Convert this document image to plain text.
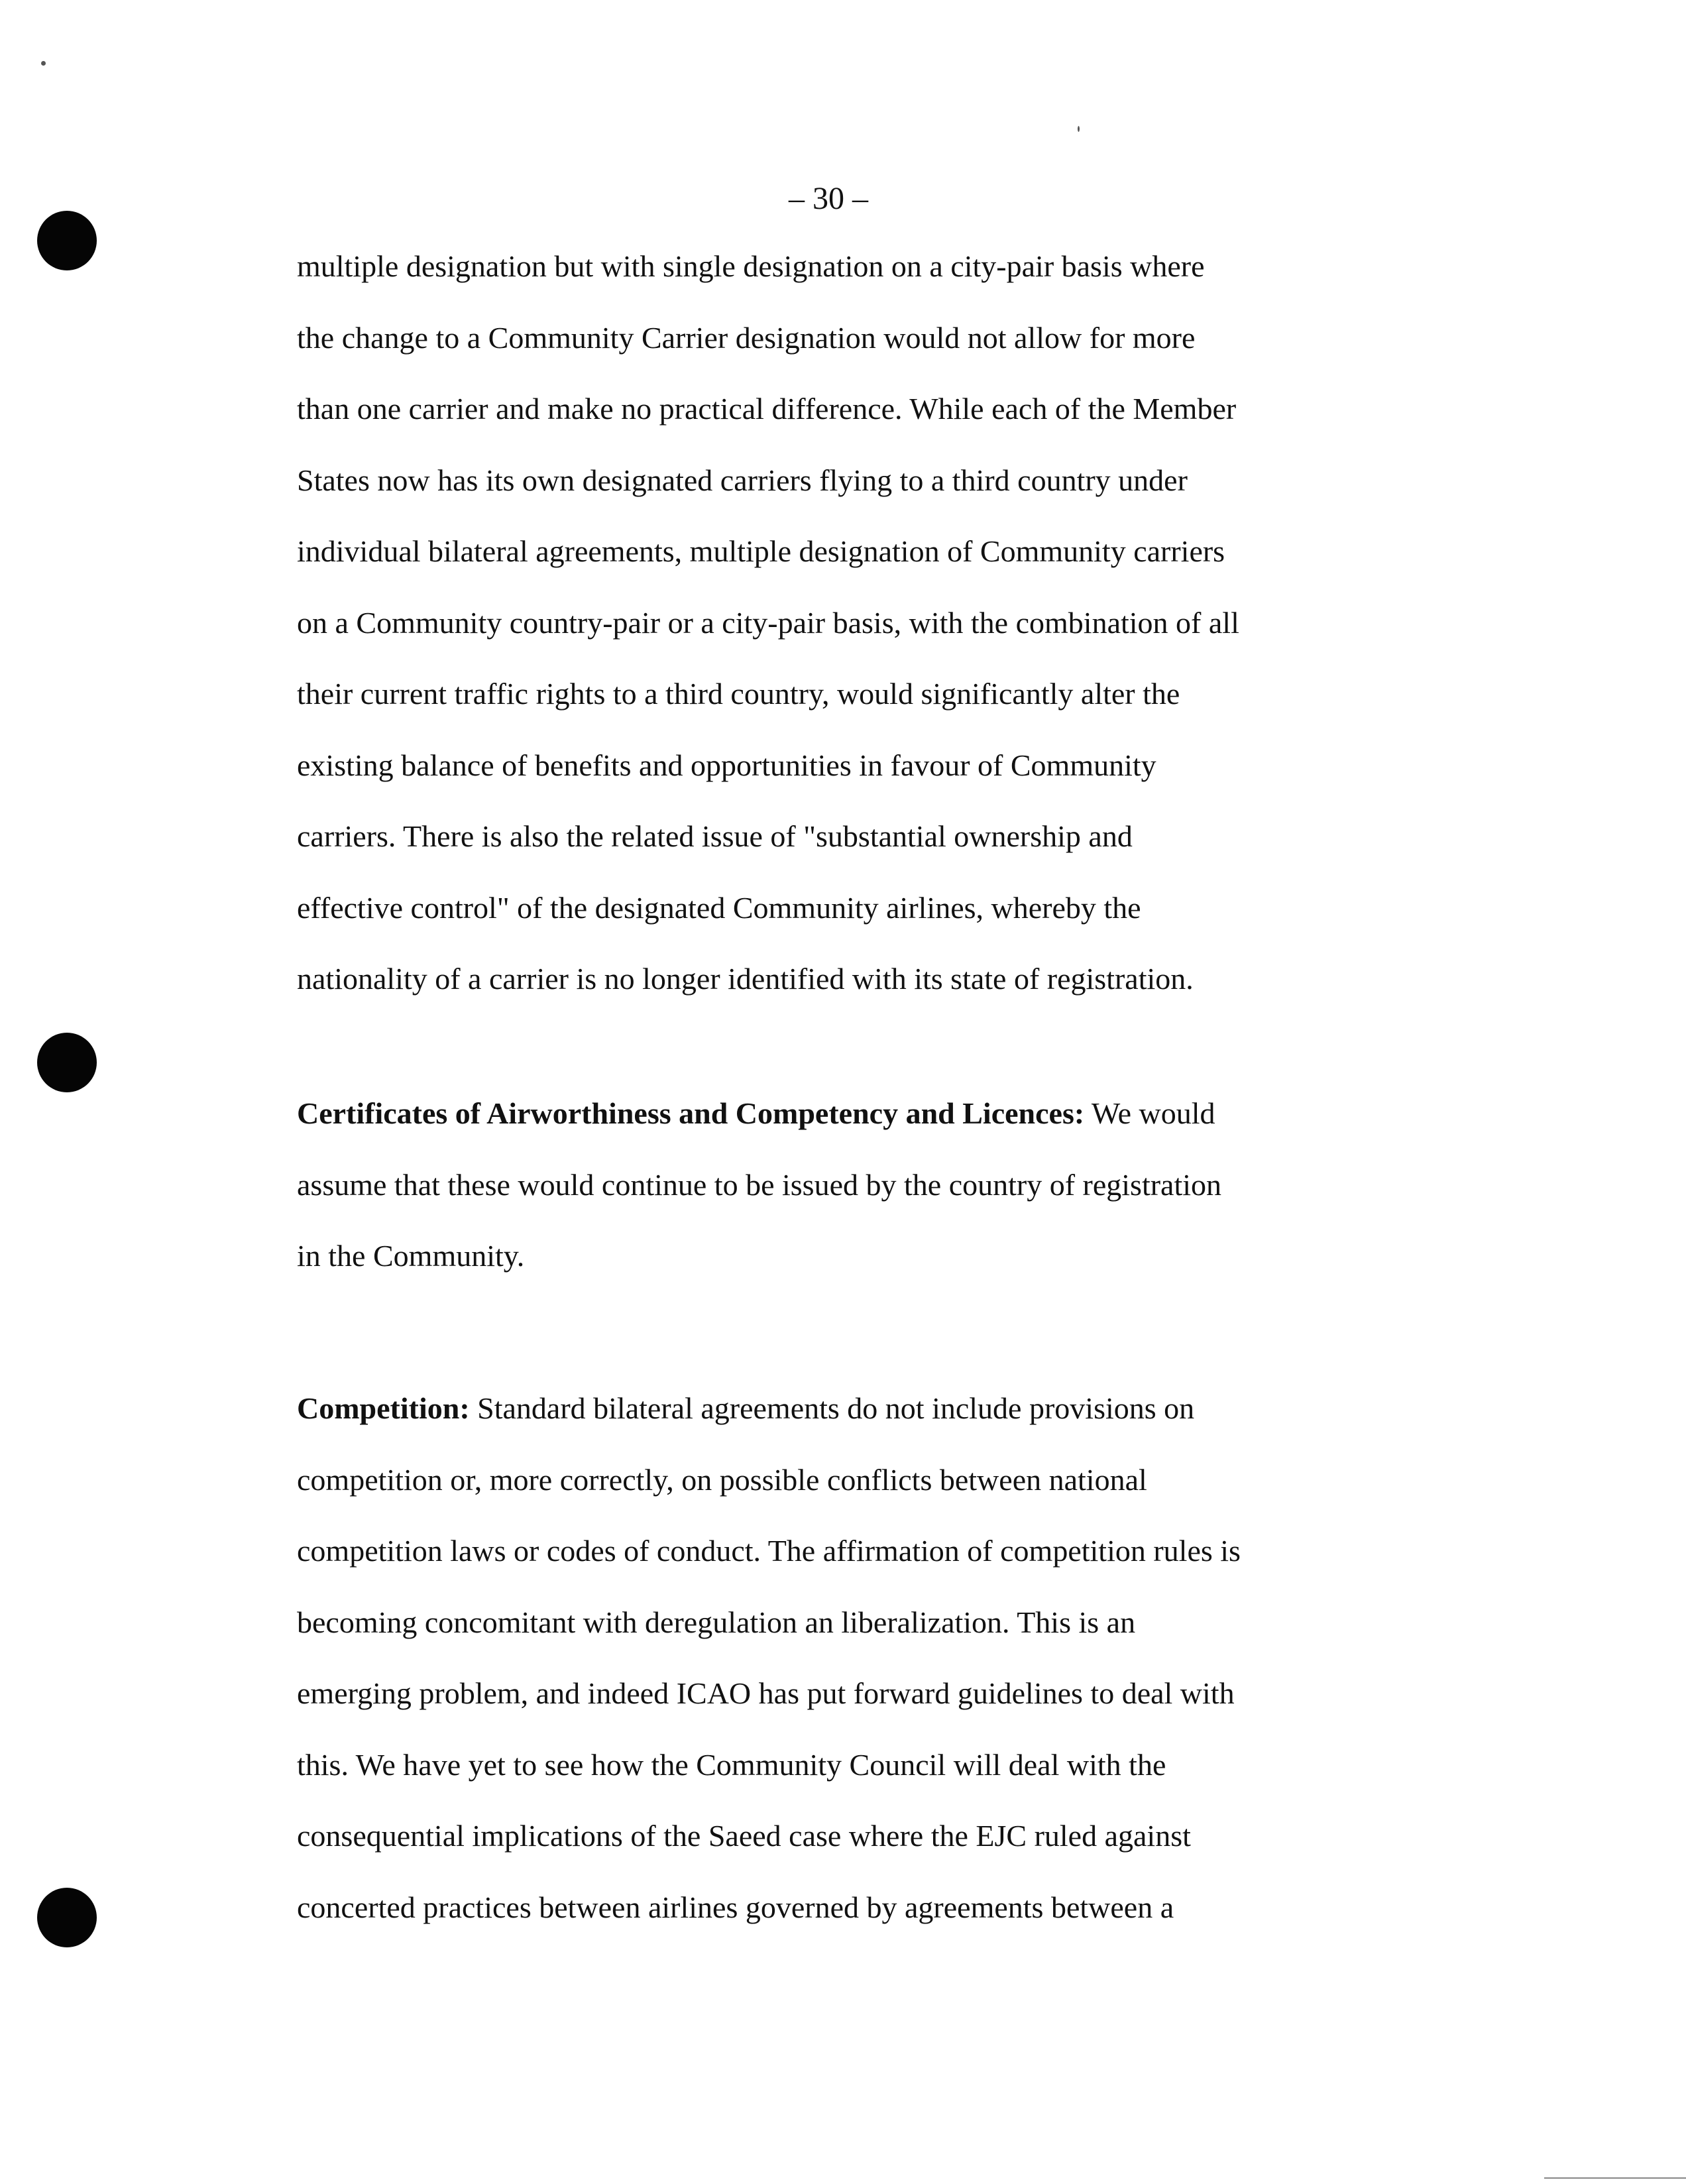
– 30 –
multiple designation but with single designation on a city-pair basis where
the change to a Community Carrier designation would not allow for more
than one carrier and make no practical difference. While each of the Member
States now has its own designated carriers flying to a third country under
individual bilateral agreements, multiple designation of Community carriers
on a Community country-pair or a city-pair basis, with the combination of all
their current traffic rights to a third country, would significantly alter the
existing balance of benefits and opportunities in favour of Community
carriers. There is also the related issue of "substantial ownership and
effective control" of the designated Community airlines, whereby the
nationality of a carrier is no longer identified with its state of registration.
Certificates of Airworthiness and Competency and Licences: We would
assume that these would continue to be issued by the country of registration
in the Community.
Competition: Standard bilateral agreements do not include provisions on
competition or, more correctly, on possible conflicts between national
competition laws or codes of conduct. The affirmation of competition rules is
becoming concomitant with deregulation an liberalization. This is an
emerging problem, and indeed ICAO has put forward guidelines to deal with
this. We have yet to see how the Community Council will deal with the
consequential implications of the Saeed case where the EJC ruled against
concerted practices between airlines governed by agreements between a
